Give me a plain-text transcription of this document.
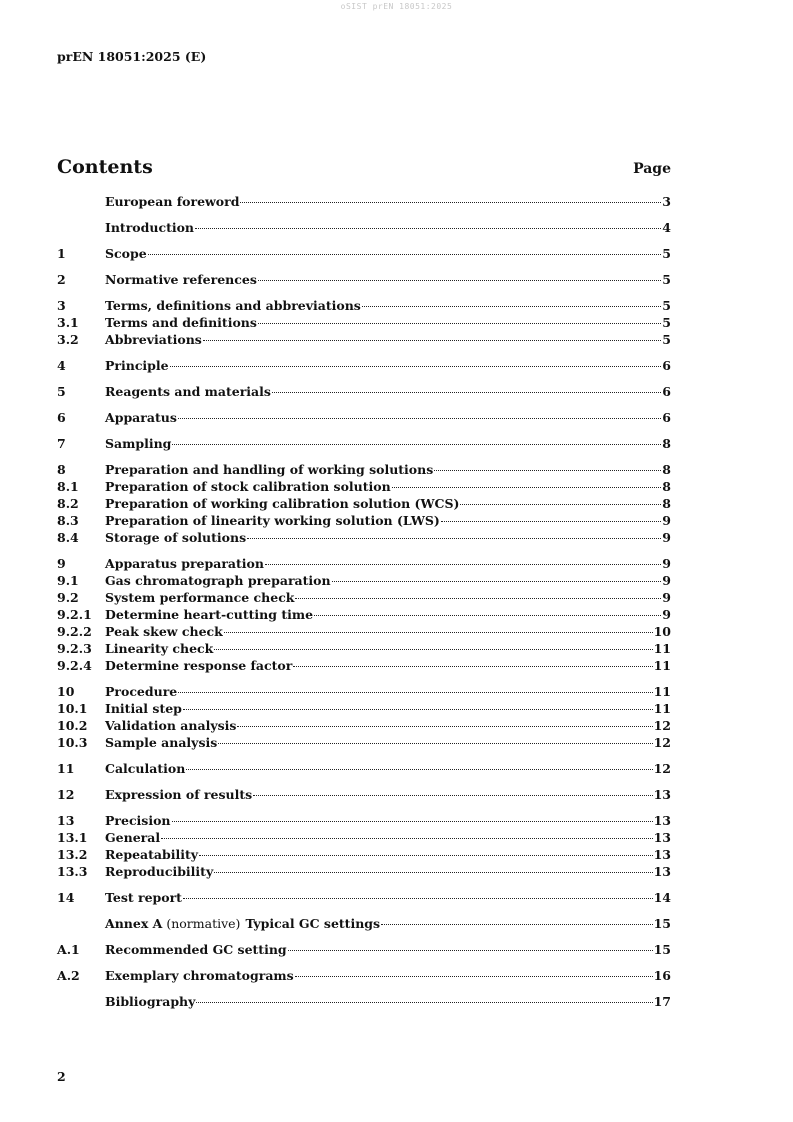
oSIST prEN 18051:2025
prEN 18051:2025 (E)
Contents	Page
European foreword	3
Introduction	4
1	Scope	5
2	Normative references	5
3	Terms, definitions and abbreviations	5
3.1	Terms and definitions	5
3.2	Abbreviations	5
4	Principle	6
5	Reagents and materials	6
6	Apparatus	6
7	Sampling	8
8	Preparation and handling of working solutions	8
8.1	Preparation of stock calibration solution	8
8.2	Preparation of working calibration solution (WCS)	8
8.3	Preparation of linearity working solution (LWS)	9
8.4	Storage of solutions	9
9	Apparatus preparation	9
9.1	Gas chromatograph preparation	9
9.2	System performance check	9
9.2.1	Determine heart-cutting time	9
9.2.2	Peak skew check	10
9.2.3	Linearity check	11
9.2.4	Determine response factor	11
10	Procedure	11
10.1	Initial step	11
10.2	Validation analysis	12
10.3	Sample analysis	12
11	Calculation	12
12	Expression of results	13
13	Precision	13
13.1	General	13
13.2	Repeatability	13
13.3	Reproducibility	13
14	Test report	14
Annex A (normative) Typical GC settings	15
A.1	Recommended GC setting	15
A.2	Exemplary chromatograms	16
Bibliography	17
2
